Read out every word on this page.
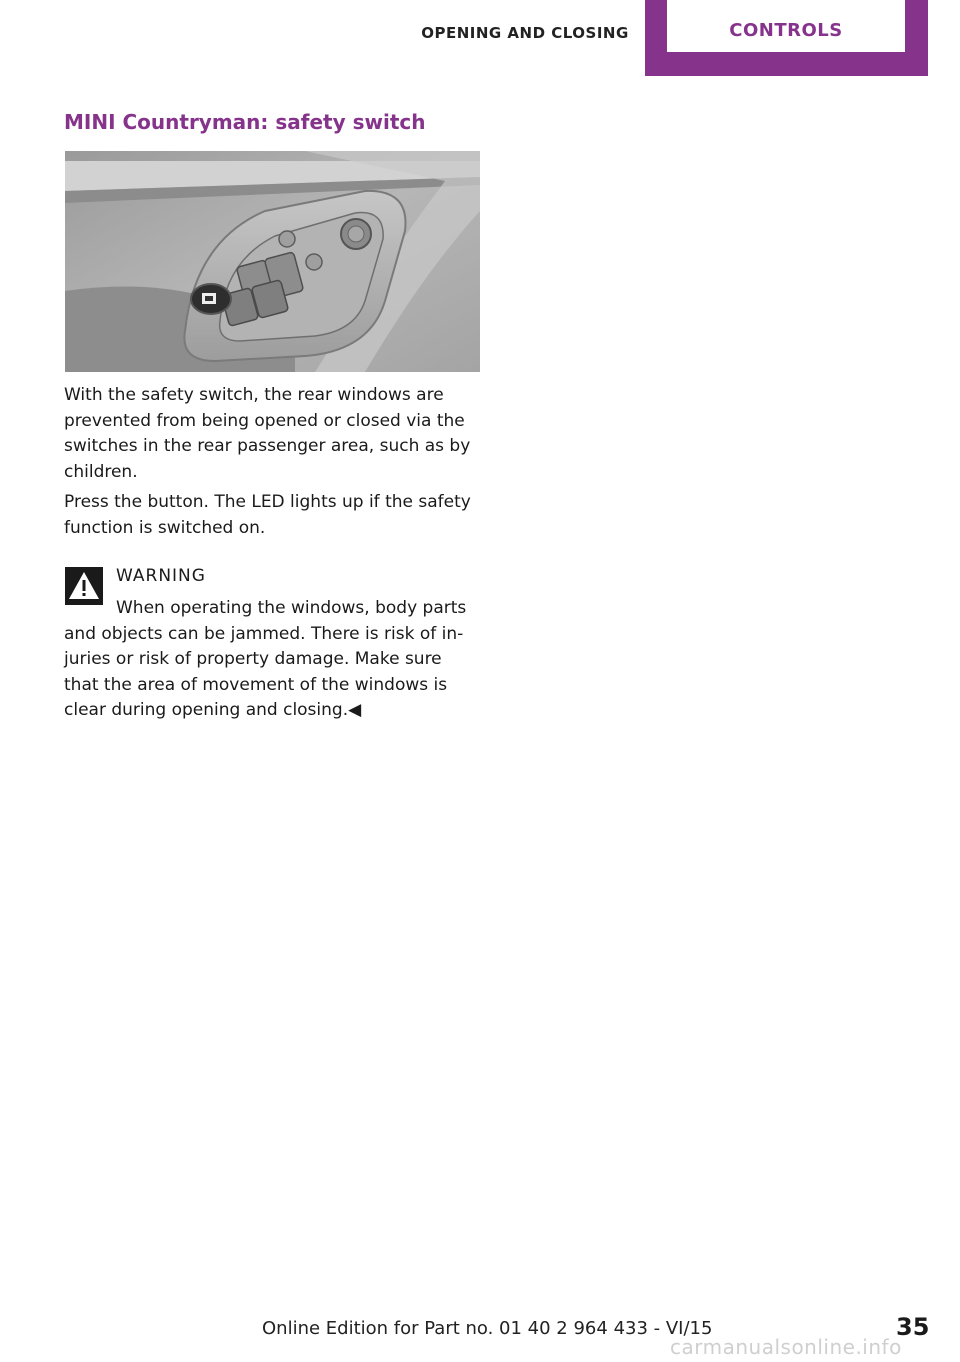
OPENING AND CLOSING	CONTROLS
MINI Countryman: safety switch
With the safety switch, the rear windows are prevented from being opened or closed via the switches in the rear passenger area, such as by children.
Press the button. The LED lights up if the safety function is switched on.
WARNING
When operating the windows, body parts
and objects can be jammed. There is risk of in-
juries or risk of property damage. Make sure
that the area of movement of the windows is
clear during opening and closing.◀
Online Edition for Part no. 01 40 2 964 433 - VI/15	35
carmanualsonline.info
